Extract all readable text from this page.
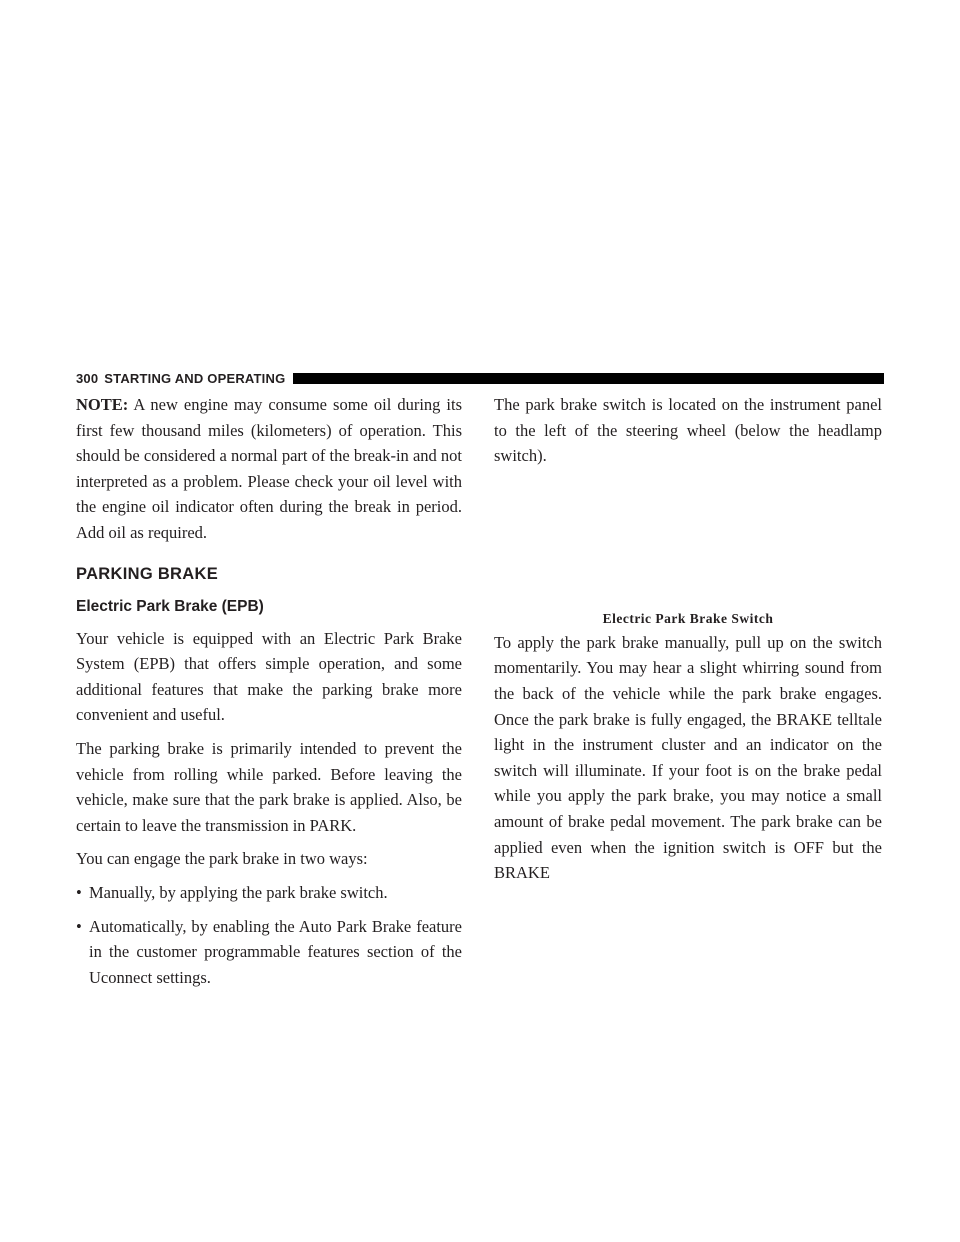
300 STARTING AND OPERATING

NOTE: A new engine may consume some oil during its first few thousand miles (kilometers) of operation. This should be considered a normal part of the break-in and not interpreted as a problem. Please check your oil level with the engine oil indicator often during the break in period. Add oil as required.

PARKING BRAKE
Electric Park Brake (EPB)

Your vehicle is equipped with an Electric Park Brake System (EPB) that offers simple operation, and some additional features that make the parking brake more convenient and useful.

The parking brake is primarily intended to prevent the vehicle from rolling while parked. Before leaving the vehicle, make sure that the park brake is applied. Also, be certain to leave the transmission in PARK.

You can engage the park brake in two ways:

• Manually, by applying the park brake switch.
• Automatically, by enabling the Auto Park Brake feature in the customer programmable features section of the Uconnect settings.

The park brake switch is located on the instrument panel to the left of the steering wheel (below the headlamp switch).

Electric Park Brake Switch

To apply the park brake manually, pull up on the switch momentarily. You may hear a slight whirring sound from the back of the vehicle while the park brake engages. Once the park brake is fully engaged, the BRAKE telltale light in the instrument cluster and an indicator on the switch will illuminate. If your foot is on the brake pedal while you apply the park brake, you may notice a small amount of brake pedal movement. The park brake can be applied even when the ignition switch is OFF but the BRAKE
